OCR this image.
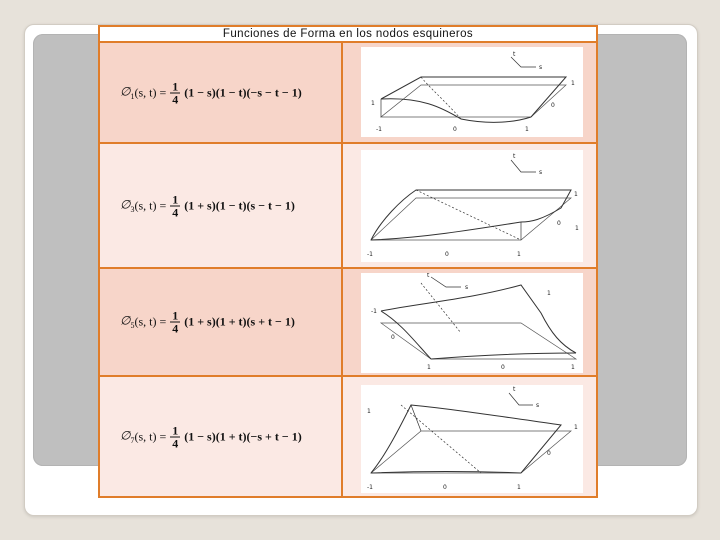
Funciones de Forma en los nodos esquineros
$\emptyset_1$ (s, $t) = \frac{1}{4} (1 - s)(1 - t)(-s - t - 1)$
t
s
1
0
-1	0	1
1
$\emptyset_3$ (s, $t) = \frac{1}{4} (1 + s)(1 - t)(s - t - 1)$
t
s
1
0
-1	0	1
1
$\emptyset_5$ (s, $t) = \frac{1}{4} (1 + s)(1 + t)(s + t - 1)$
t
s
1
0
-1
0	1
1
$\emptyset_7$ (s, $t) = \frac{1}{4} (1 - s)(1 + t)(-s + t - 1)$
t
s
1
0
-1	0	1
1
